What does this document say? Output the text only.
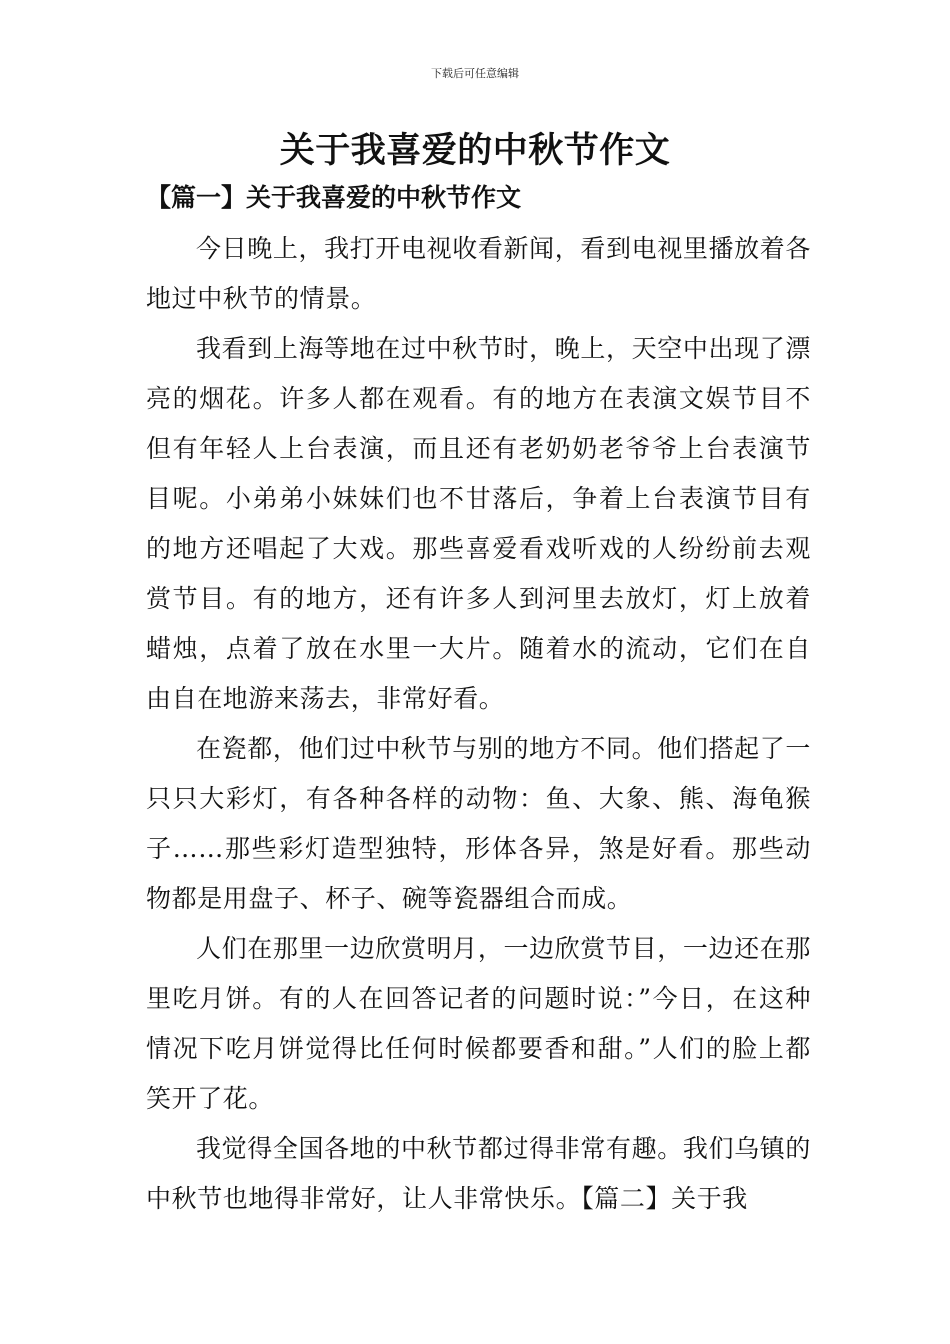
下载后可任意编辑
关于我喜爱的中秋节作文
【篇一】关于我喜爱的中秋节作文

今日晚上，我打开电视收看新闻，看到电视里播放着各地过中秋节的情景。

我看到上海等地在过中秋节时，晚上，天空中出现了漂亮的烟花。许多人都在观看。有的地方在表演文娱节目不但有年轻人上台表演，而且还有老奶奶老爷爷上台表演节目呢。小弟弟小妹妹们也不甘落后，争着上台表演节目有的地方还唱起了大戏。那些喜爱看戏听戏的人纷纷前去观赏节目。有的地方，还有许多人到河里去放灯，灯上放着蜡烛，点着了放在水里一大片。随着水的流动，它们在自由自在地游来荡去，非常好看。

在瓷都，他们过中秋节与别的地方不同。他们搭起了一只只大彩灯，有各种各样的动物：鱼、大象、熊、海龟猴子……那些彩灯造型独特，形体各异，煞是好看。那些动物都是用盘子、杯子、碗等瓷器组合而成。

人们在那里一边欣赏明月，一边欣赏节目，一边还在那里吃月饼。有的人在回答记者的问题时说：”今日，在这种情况下吃月饼觉得比任何时候都要香和甜。”人们的脸上都笑开了花。

我觉得全国各地的中秋节都过得非常有趣。我们乌镇的中秋节也地得非常好，让人非常快乐。【篇二】关于我
